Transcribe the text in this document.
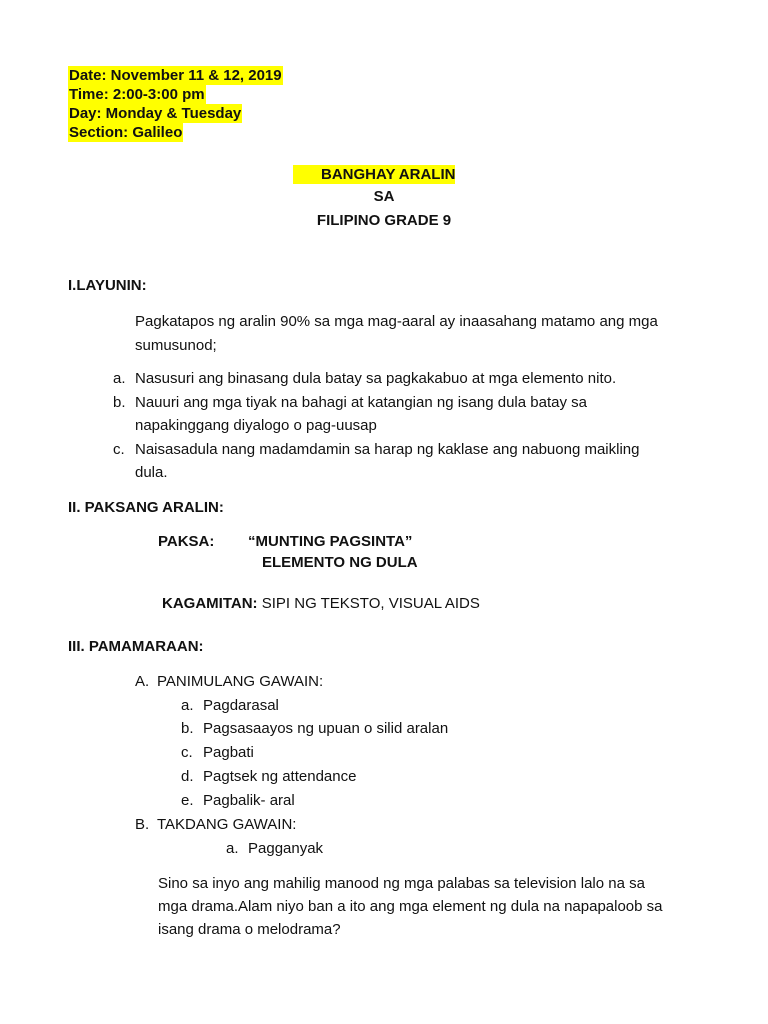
Date: November 11 & 12, 2019
Time: 2:00-3:00 pm
Day: Monday & Tuesday
Section: Galileo
BANGHAY ARALIN
SA
FILIPINO GRADE 9
I.LAYUNIN:
Pagkatapos ng aralin 90% sa mga mag-aaral ay inaasahang matamo ang mga
sumusunod;
a. Nasusuri ang binasang dula batay sa pagkakabuo at mga elemento nito.
b. Nauuri ang mga tiyak na bahagi at katangian ng isang dula batay sa
napakinggang diyalogo o pag-uusap
c. Naisasadula nang madamdamin sa harap ng kaklase ang nabuong maikling
dula.
II. PAKSANG ARALIN:
PAKSA: “MUNTING PAGSINTA”
ELEMENTO NG DULA
KAGAMITAN: SIPI NG TEKSTO, VISUAL AIDS
III. PAMAMARAAN:
A. PANIMULANG GAWAIN:
a. Pagdarasal
b. Pagsasaayos ng upuan o silid aralan
c. Pagbati
d. Pagtsek ng attendance
e. Pagbalik- aral
B. TAKDANG GAWAIN:
a. Pagganyak
Sino sa inyo ang mahilig manood ng mga palabas sa television lalo na sa
mga drama.Alam niyo ban a ito ang mga element ng dula na napapaloob sa
isang drama o melodrama?
